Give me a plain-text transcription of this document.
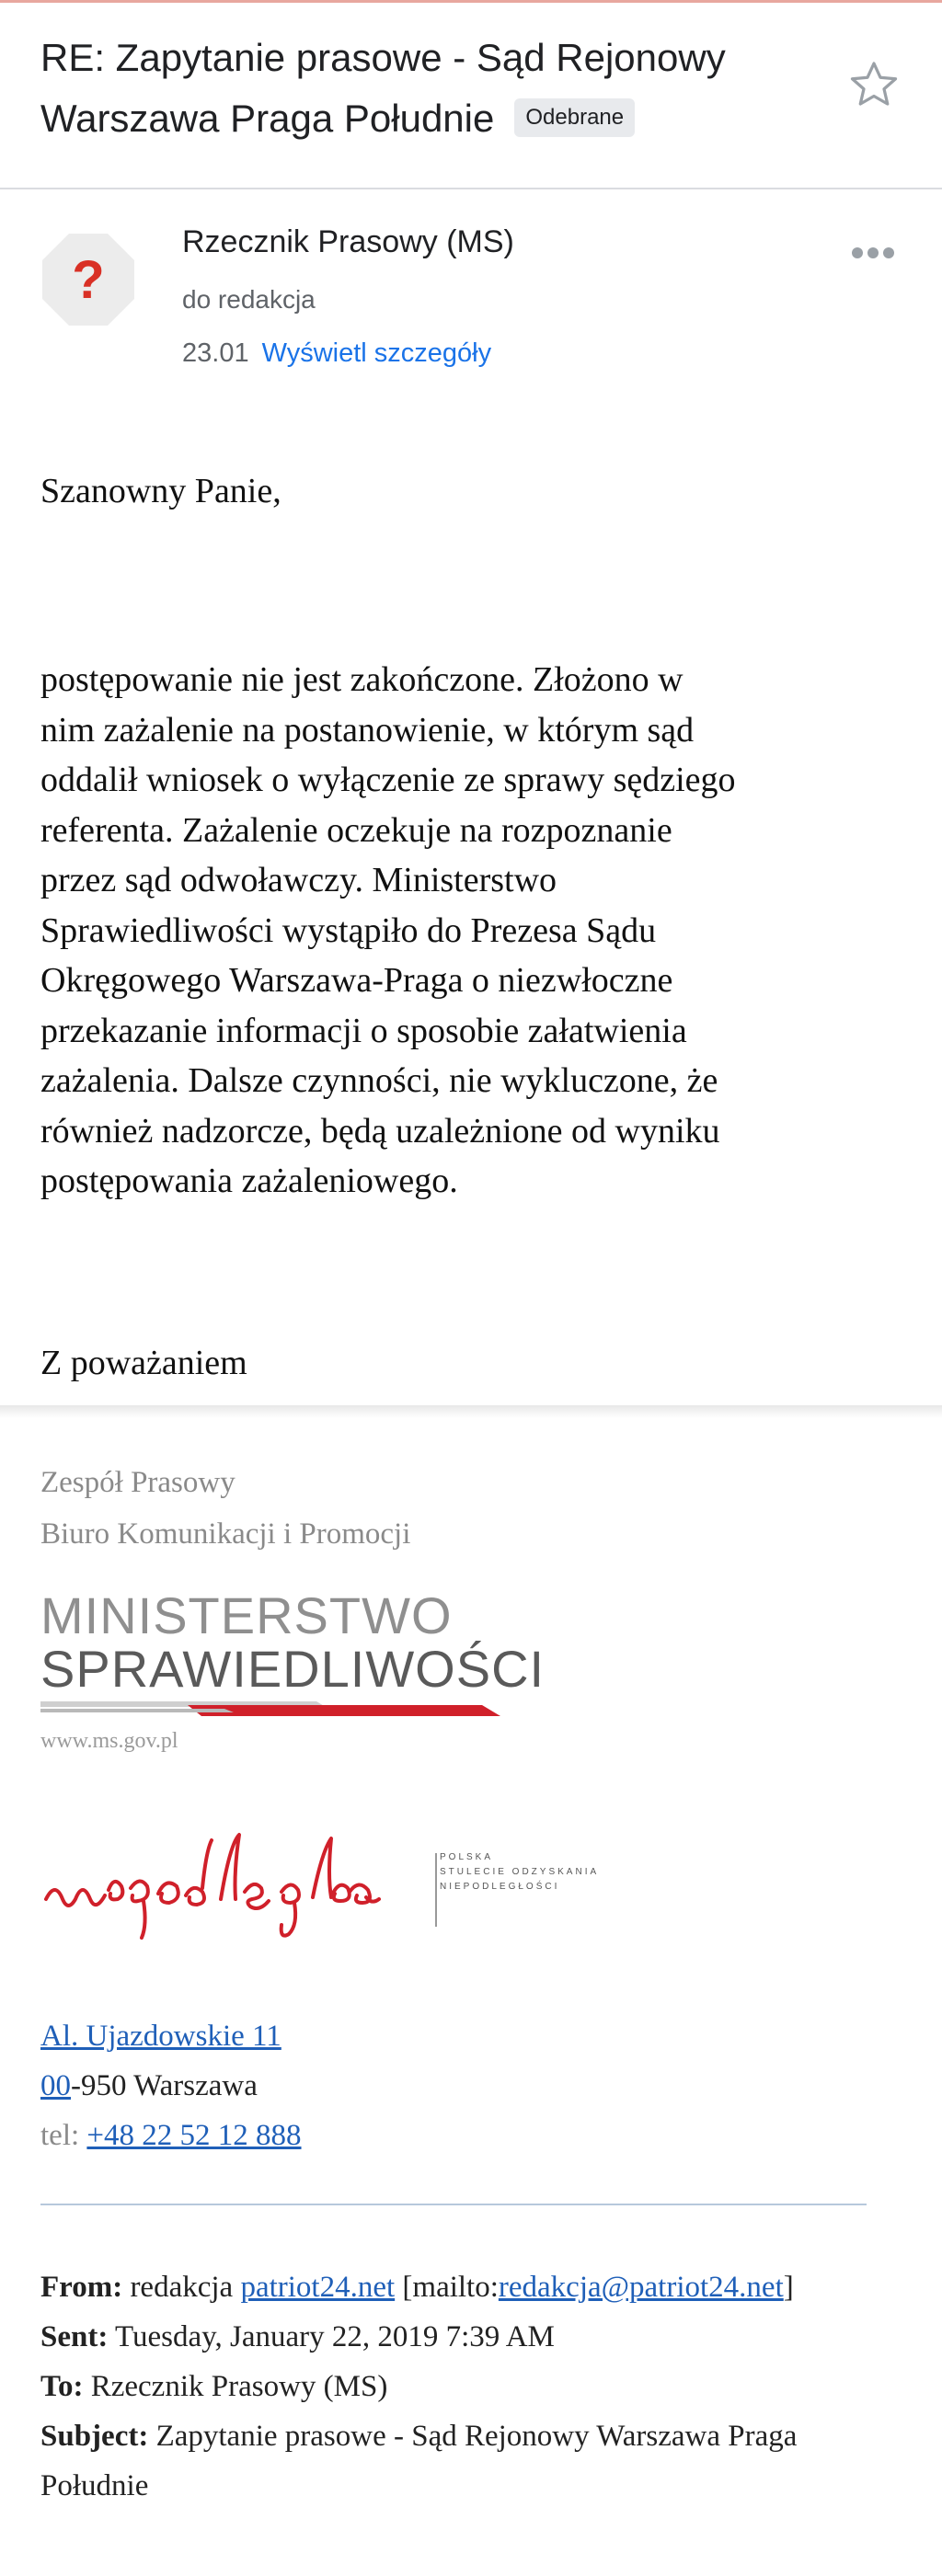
RE: Zapytanie prasowe - Sąd Rejonowy
Warszawa Praga Południe Odebrane
?
Rzecznik Prasowy (MS)
do redakcja
23.01 Wyświetl szczegóły
Szanowny Panie,
postępowanie nie jest zakończone. Złożono w
nim zażalenie na postanowienie, w którym sąd
oddalił wniosek o wyłączenie ze sprawy sędziego
referenta. Zażalenie oczekuje na rozpoznanie
przez sąd odwoławczy. Ministerstwo
Sprawiedliwości wystąpiło do Prezesa Sądu
Okręgowego Warszawa-Praga o niezwłoczne
przekazanie informacji o sposobie załatwienia
zażalenia. Dalsze czynności, nie wykluczone, że
również nadzorcze, będą uzależnione od wyniku
postępowania zażaleniowego.
Z poważaniem
Zespół Prasowy
Biuro Komunikacji i Promocji
MINISTERSTWO
SPRAWIEDLIWOŚCI
www.ms.gov.pl
POLSKA
STULECIE ODZYSKANIA
NIEPODLEGŁOŚCI
Al. Ujazdowskie 11
00-950 Warszawa
tel: +48 22 52 12 888
From: redakcja patriot24.net [mailto:redakcja@patriot24.net]
Sent: Tuesday, January 22, 2019 7:39 AM
To: Rzecznik Prasowy (MS)
Subject: Zapytanie prasowe - Sąd Rejonowy Warszawa Praga Południe
